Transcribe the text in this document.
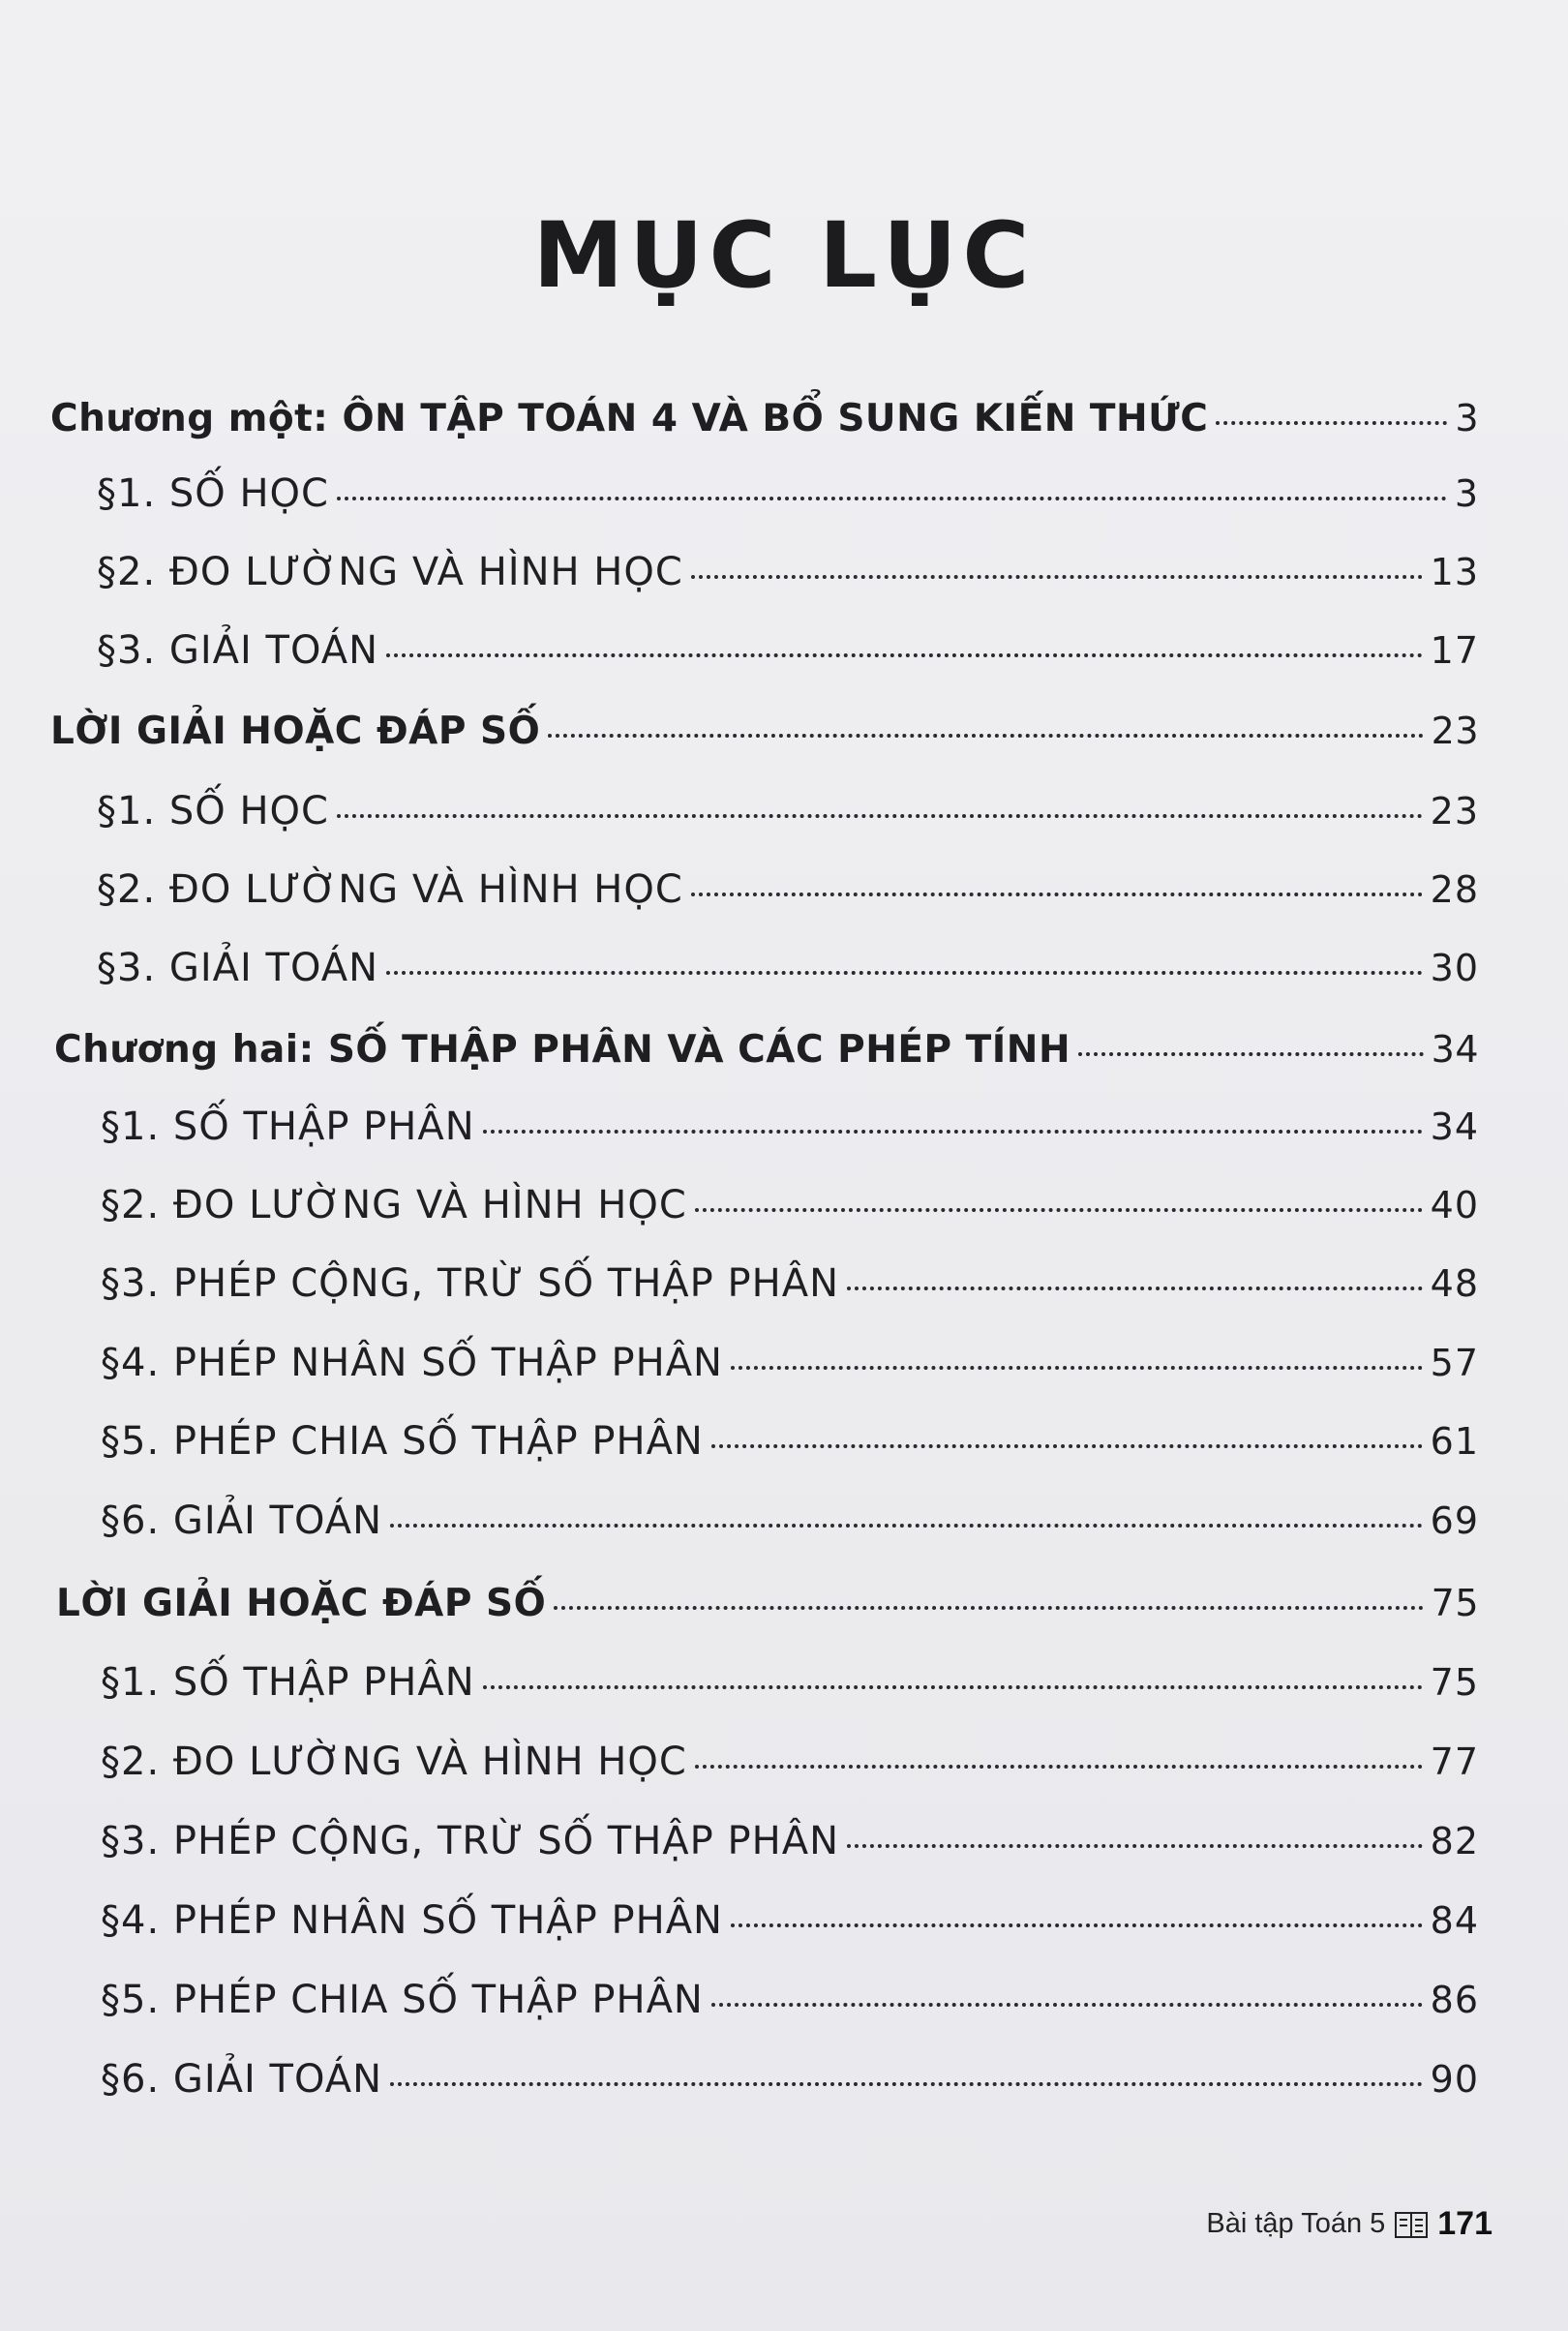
MỤC LỤC
Chương một: ÔN TẬP TOÁN 4 VÀ BỔ SUNG KIẾN THỨC	3
§1. SỐ HỌC	3
§2. ĐO LƯỜNG VÀ HÌNH HỌC	13
§3. GIẢI TOÁN	17
LỜI GIẢI HOẶC ĐÁP SỐ	23
§1. SỐ HỌC	23
§2. ĐO LƯỜNG VÀ HÌNH HỌC	28
§3. GIẢI TOÁN	30
Chương hai: SỐ THẬP PHÂN VÀ CÁC PHÉP TÍNH	34
§1. SỐ THẬP PHÂN	34
§2. ĐO LƯỜNG VÀ HÌNH HỌC	40
§3. PHÉP CỘNG, TRỪ SỐ THẬP PHÂN	48
§4. PHÉP NHÂN SỐ THẬP PHÂN	57
§5. PHÉP CHIA SỐ THẬP PHÂN	61
§6. GIẢI TOÁN	69
LỜI GIẢI HOẶC ĐÁP SỐ	75
§1. SỐ THẬP PHÂN	75
§2. ĐO LƯỜNG VÀ HÌNH HỌC	77
§3. PHÉP CỘNG, TRỪ SỐ THẬP PHÂN	82
§4. PHÉP NHÂN SỐ THẬP PHÂN	84
§5. PHÉP CHIA SỐ THẬP PHÂN	86
§6. GIẢI TOÁN	90
Bài tập Toán 5 171
